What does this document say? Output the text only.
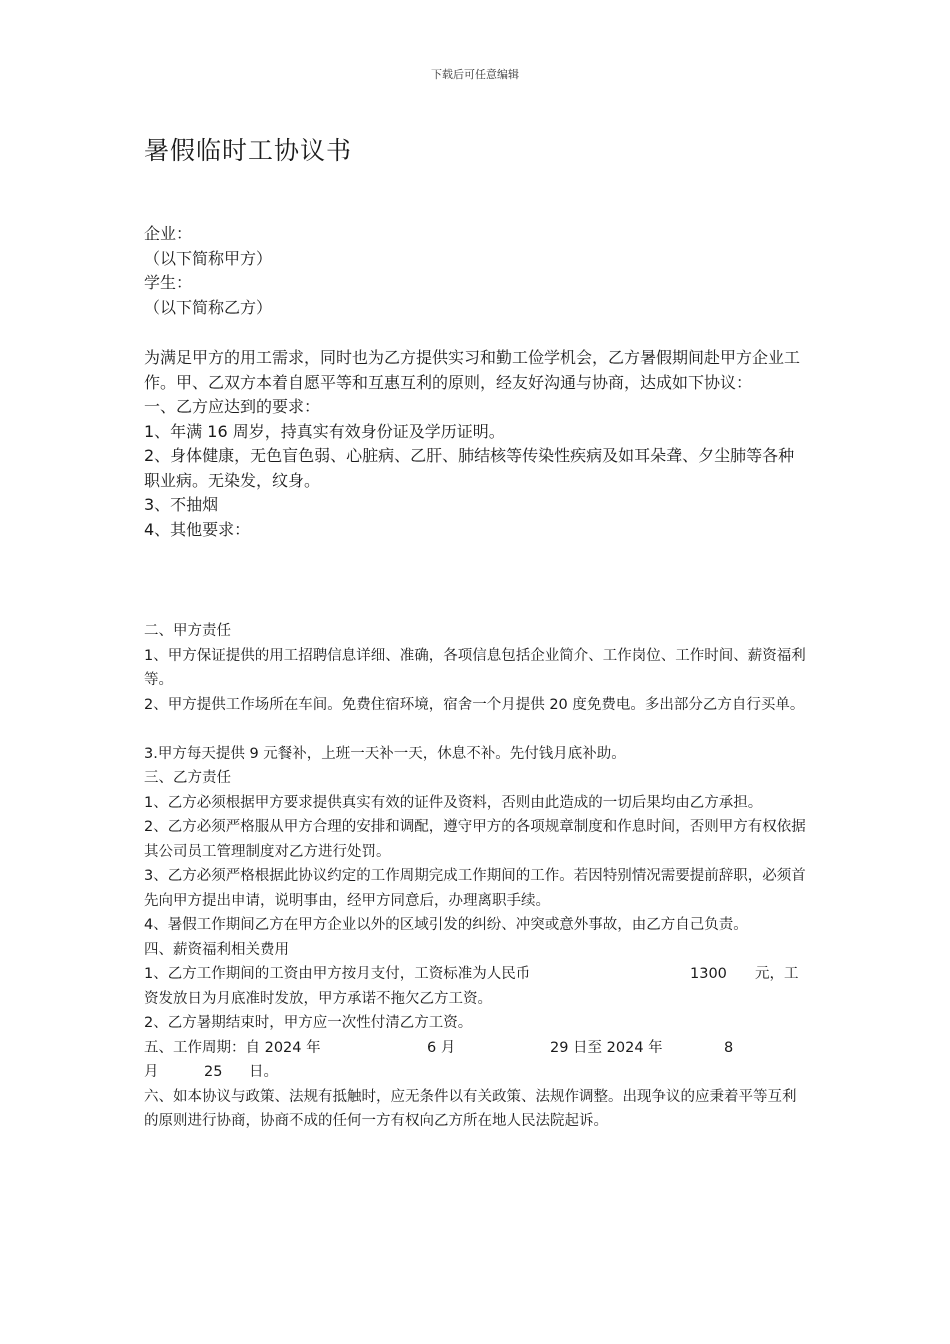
下载后可任意编辑
暑假临时工协议书
企业：
（以下简称甲方）
学生：
（以下简称乙方）

为满足甲方的用工需求，同时也为乙方提供实习和勤工俭学机会，乙方暑假期间赴甲方企业工作。甲、乙双方本着自愿平等和互惠互利的原则，经友好沟通与协商，达成如下协议：

一、乙方应达到的要求：

1、年满 16 周岁，持真实有效身份证及学历证明。

2、身体健康，无色盲色弱、心脏病、乙肝、肺结核等传染性疾病及如耳朵聋、夕尘肺等各种职业病。无染发，纹身。

3、不抽烟

4、其他要求：

二、甲方责任

1、甲方保证提供的用工招聘信息详细、准确，各项信息包括企业简介、工作岗位、工作时间、薪资福利等。

2、甲方提供工作场所在车间。免费住宿环境，宿舍一个月提供 20 度免费电。多出部分乙方自行买单。

3.甲方每天提供 9 元餐补，上班一天补一天，休息不补。先付钱月底补助。

三、乙方责任

1、乙方必须根据甲方要求提供真实有效的证件及资料，否则由此造成的一切后果均由乙方承担。

2、乙方必须严格服从甲方合理的安排和调配，遵守甲方的各项规章制度和作息时间，否则甲方有权依据其公司员工管理制度对乙方进行处罚。

3、乙方必须严格根据此协议约定的工作周期完成工作期间的工作。若因特别情况需要提前辞职，必须首先向甲方提出申请，说明事由，经甲方同意后，办理离职手续。

4、暑假工作期间乙方在甲方企业以外的区域引发的纠纷、冲突或意外事故，由乙方自己负责。

四、薪资福利相关费用

1、乙方工作期间的工资由甲方按月支付，工资标准为人民币	1300	元，工

资发放日为月底准时发放，甲方承诺不拖欠乙方工资。

2、乙方暑期结束时，甲方应一次性付清乙方工资。

五、工作周期：自 2024 年	6 月	29 日至 2024 年	8
月	25	日。

六、如本协议与政策、法规有抵触时，应无条件以有关政策、法规作调整。出现争议的应秉着平等互利的原则进行协商，协商不成的任何一方有权向乙方所在地人民法院起诉。
